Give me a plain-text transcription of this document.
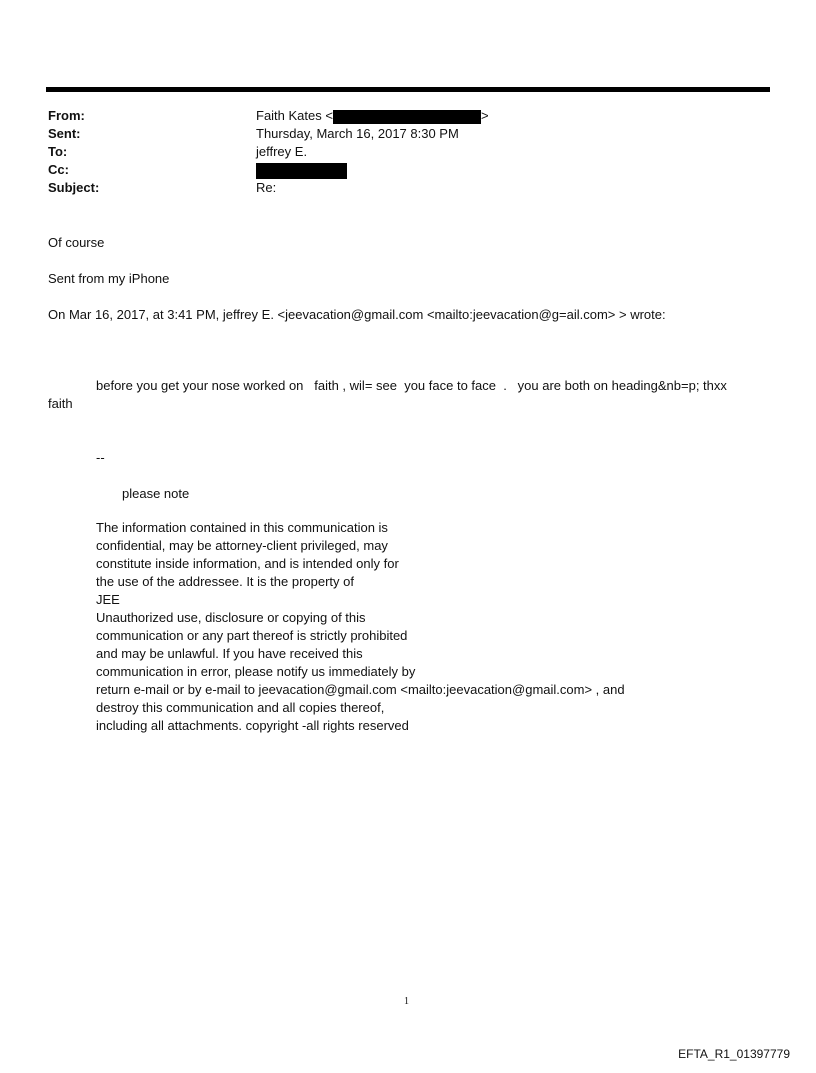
From:
Sent:
To:
Cc:
Subject:
Faith Kates <	>
Thursday, March 16, 2017 8:30 PM
jeffrey E.
Re:
Of course
Sent from my iPhone
On Mar 16, 2017, at 3:41 PM, jeffrey E. <jeevacation@gmail.com <mailto:jeevacation@g=ail.com> > wrote:
before you get your nose worked on   faith , wil= see  you face to face  .   you are both on heading&nb=p; thxx
faith
--
please note
The information contained in this communication is
confidential, may be attorney-client privileged, may
constitute inside information, and is intended only for
the use of the addressee. It is the property of
JEE
Unauthorized use, disclosure or copying of this
communication or any part thereof is strictly prohibited
and may be unlawful. If you have received this
communication in error, please notify us immediately by
return e-mail or by e-mail to jeevacation@gmail.com <mailto:jeevacation@gmail.com> , and
destroy this communication and all copies thereof,
including all attachments. copyright -all rights reserved
1
EFTA_R1_01397779
